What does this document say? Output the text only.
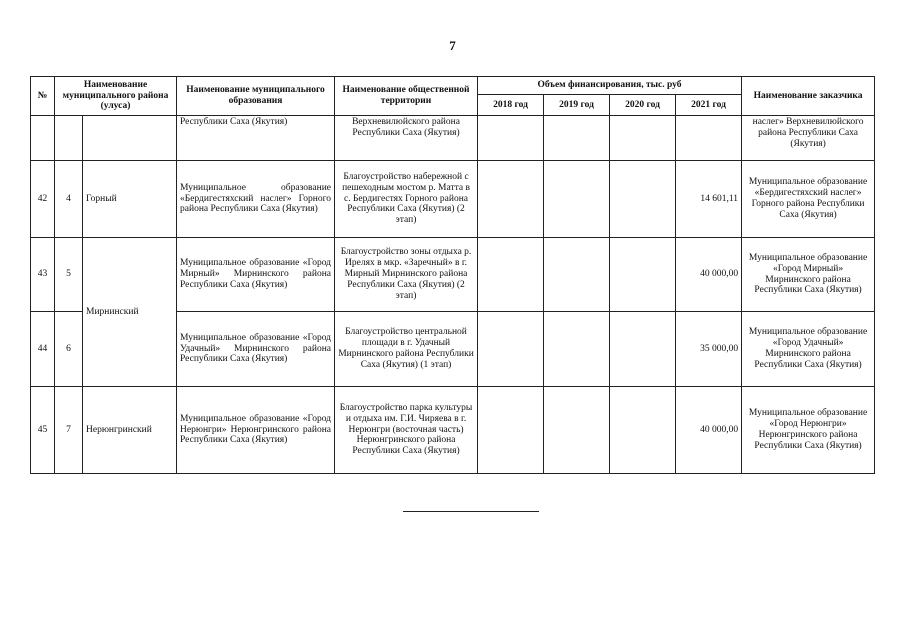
7
№	Наименование муниципального района (улуса)		Наименование муниципального образования	Наименование общественной территории	Объем финансирования, тыс. руб				Наименование заказчика
					2018 год	2019 год	2020 год	2021 год	
			Республики Саха (Якутия)	Верхневилюйского района Республики Саха (Якутия)					наслег» Верхневилюйского района Республики Саха (Якутия)
42	4	Горный	Муниципальное образование «Бердигестяхский наслег» Горного района Республики Саха (Якутия)	Благоустройство набережной с пешеходным мостом р. Матта в с. Бердигестях Горного района Республики Саха (Якутия) (2 этап)				14 601,11	Муниципальное образование «Бердигестяхский наслег» Горного района Республики Саха (Якутия)
43	5	Мирнинский	Муниципальное образование «Город Мирный» Мирнинского района Республики Саха (Якутия)	Благоустройство зоны отдыха р. Ирелях в мкр. «Заречный» в г. Мирный Мирнинского района Республики Саха (Якутия) (2 этап)				40 000,00	Муниципальное образование «Город Мирный» Мирнинского района Республики Саха (Якутия)
44	6		Муниципальное образование «Город Удачный» Мирнинского района Республики Саха (Якутия)	Благоустройство центральной площади в г. Удачный Мирнинского района Республики Саха (Якутия) (1 этап)				35 000,00	Муниципальное образование «Город Удачный» Мирнинского района Республики Саха (Якутия)
45	7	Нерюнгринский	Муниципальное образование «Город Нерюнгри» Нерюнгринского района Республики Саха (Якутия)	Благоустройство парка культуры и отдыха им. Г.И. Чиряева в г. Нерюнгри (восточная часть) Нерюнгринского района Республики Саха (Якутия)				40 000,00	Муниципальное образование «Город Нерюнгри» Нерюнгринского района Республики Саха (Якутия)
